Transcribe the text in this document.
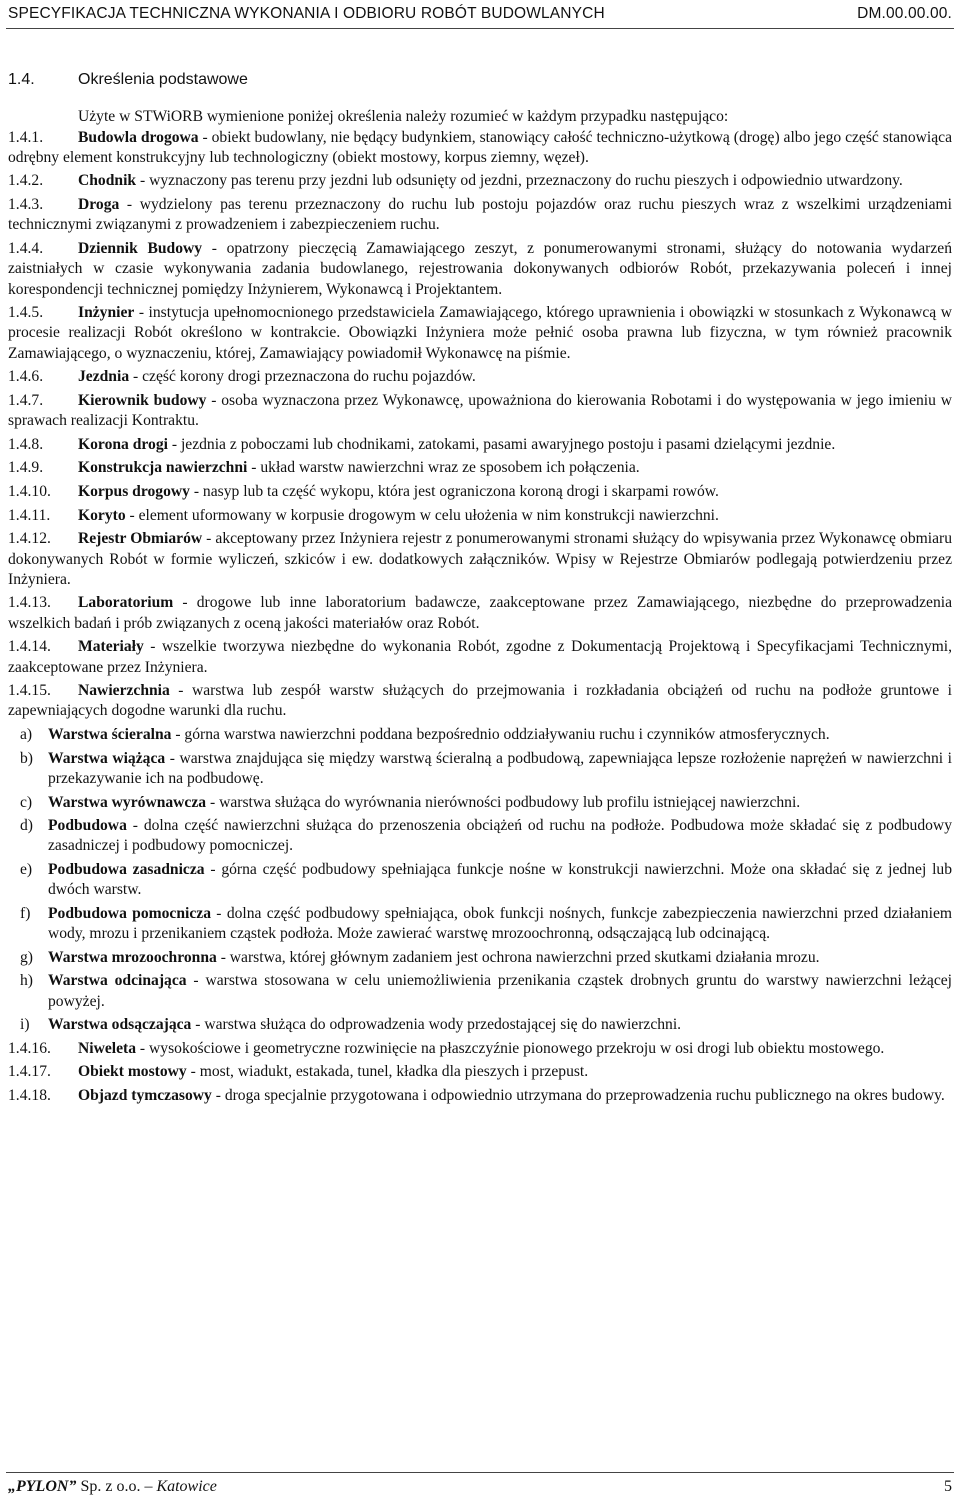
SPECYFIKACJA TECHNICZNA WYKONANIA I ODBIORU ROBÓT BUDOWLANYCH	DM.00.00.00.
1.4.	Określenia podstawowe

Użyte w STWiORB wymienione poniżej określenia należy rozumieć w każdym przypadku następująco:

1.4.1. Budowla drogowa - obiekt budowlany, nie będący budynkiem, stanowiący całość techniczno-użytkową (drogę) albo jego część stanowiąca odrębny element konstrukcyjny lub technologiczny (obiekt mostowy, korpus ziemny, węzeł).

1.4.2. Chodnik - wyznaczony pas terenu przy jezdni lub odsunięty od jezdni, przeznaczony do ruchu pieszych i odpowiednio utwardzony.

1.4.3. Droga - wydzielony pas terenu przeznaczony do ruchu lub postoju pojazdów oraz ruchu pieszych wraz z wszelkimi urządzeniami technicznymi związanymi z prowadzeniem i zabezpieczeniem ruchu.

1.4.4. Dziennik Budowy - opatrzony pieczęcią Zamawiającego zeszyt, z ponumerowanymi stronami, służący do notowania wydarzeń zaistniałych w czasie wykonywania zadania budowlanego, rejestrowania dokonywanych odbiorów Robót, przekazywania poleceń i innej korespondencji technicznej pomiędzy Inżynierem, Wykonawcą i Projektantem.

1.4.5. Inżynier - instytucja upełnomocnionego przedstawiciela Zamawiającego, którego uprawnienia i obowiązki w stosunkach z Wykonawcą w procesie realizacji Robót określono w kontrakcie. Obowiązki Inżyniera może pełnić osoba prawna lub fizyczna, w tym również pracownik Zamawiającego, o wyznaczeniu, której, Zamawiający powiadomił Wykonawcę na piśmie.

1.4.6. Jezdnia - część korony drogi przeznaczona do ruchu pojazdów.

1.4.7. Kierownik budowy - osoba wyznaczona przez Wykonawcę, upoważniona do kierowania Robotami i do występowania w jego imieniu w sprawach realizacji Kontraktu.

1.4.8. Korona drogi - jezdnia z poboczami lub chodnikami, zatokami, pasami awaryjnego postoju i pasami dzielącymi jezdnie.

1.4.9. Konstrukcja nawierzchni - układ warstw nawierzchni wraz ze sposobem ich połączenia.

1.4.10. Korpus drogowy - nasyp lub ta część wykopu, która jest ograniczona koroną drogi i skarpami rowów.

1.4.11. Koryto - element uformowany w korpusie drogowym w celu ułożenia w nim konstrukcji nawierzchni.

1.4.12. Rejestr Obmiarów - akceptowany przez Inżyniera rejestr z ponumerowanymi stronami służący do wpisywania przez Wykonawcę obmiaru dokonywanych Robót w formie wyliczeń, szkiców i ew. dodatkowych załączników. Wpisy w Rejestrze Obmiarów podlegają potwierdzeniu przez Inżyniera.

1.4.13. Laboratorium - drogowe lub inne laboratorium badawcze, zaakceptowane przez Zamawiającego, niezbędne do przeprowadzenia wszelkich badań i prób związanych z oceną jakości materiałów oraz Robót.

1.4.14. Materiały - wszelkie tworzywa niezbędne do wykonania Robót, zgodne z Dokumentacją Projektową i Specyfikacjami Technicznymi, zaakceptowane przez Inżyniera.

1.4.15. Nawierzchnia - warstwa lub zespół warstw służących do przejmowania i rozkładania obciążeń od ruchu na podłoże gruntowe i zapewniających dogodne warunki dla ruchu.

a) Warstwa ścieralna - górna warstwa nawierzchni poddana bezpośrednio oddziaływaniu ruchu i czynników atmosferycznych.

b) Warstwa wiążąca - warstwa znajdująca się między warstwą ścieralną a podbudową, zapewniająca lepsze rozłożenie naprężeń w nawierzchni i przekazywanie ich na podbudowę.

c) Warstwa wyrównawcza - warstwa służąca do wyrównania nierówności podbudowy lub profilu istniejącej nawierzchni.

d) Podbudowa - dolna część nawierzchni służąca do przenoszenia obciążeń od ruchu na podłoże. Podbudowa może składać się z podbudowy zasadniczej i podbudowy pomocniczej.

e) Podbudowa zasadnicza - górna część podbudowy spełniająca funkcje nośne w konstrukcji nawierzchni. Może ona składać się z jednej lub dwóch warstw.

f) Podbudowa pomocnicza - dolna część podbudowy spełniająca, obok funkcji nośnych, funkcje zabezpieczenia nawierzchni przed działaniem wody, mrozu i przenikaniem cząstek podłoża. Może zawierać warstwę mrozoochronną, odsączającą lub odcinającą.

g) Warstwa mrozoochronna - warstwa, której głównym zadaniem jest ochrona nawierzchni przed skutkami działania mrozu.

h) Warstwa odcinająca - warstwa stosowana w celu uniemożliwienia przenikania cząstek drobnych gruntu do warstwy nawierzchni leżącej powyżej.

i) Warstwa odsączająca - warstwa służąca do odprowadzenia wody przedostającej się do nawierzchni.

1.4.16. Niweleta - wysokościowe i geometryczne rozwinięcie na płaszczyźnie pionowego przekroju w osi drogi lub obiektu mostowego.

1.4.17. Obiekt mostowy - most, wiadukt, estakada, tunel, kładka dla pieszych i przepust.

1.4.18. Objazd tymczasowy - droga specjalnie przygotowana i odpowiednio utrzymana do przeprowadzenia ruchu publicznego na okres budowy.

„PYLON” Sp. z o.o. – Katowice	5
